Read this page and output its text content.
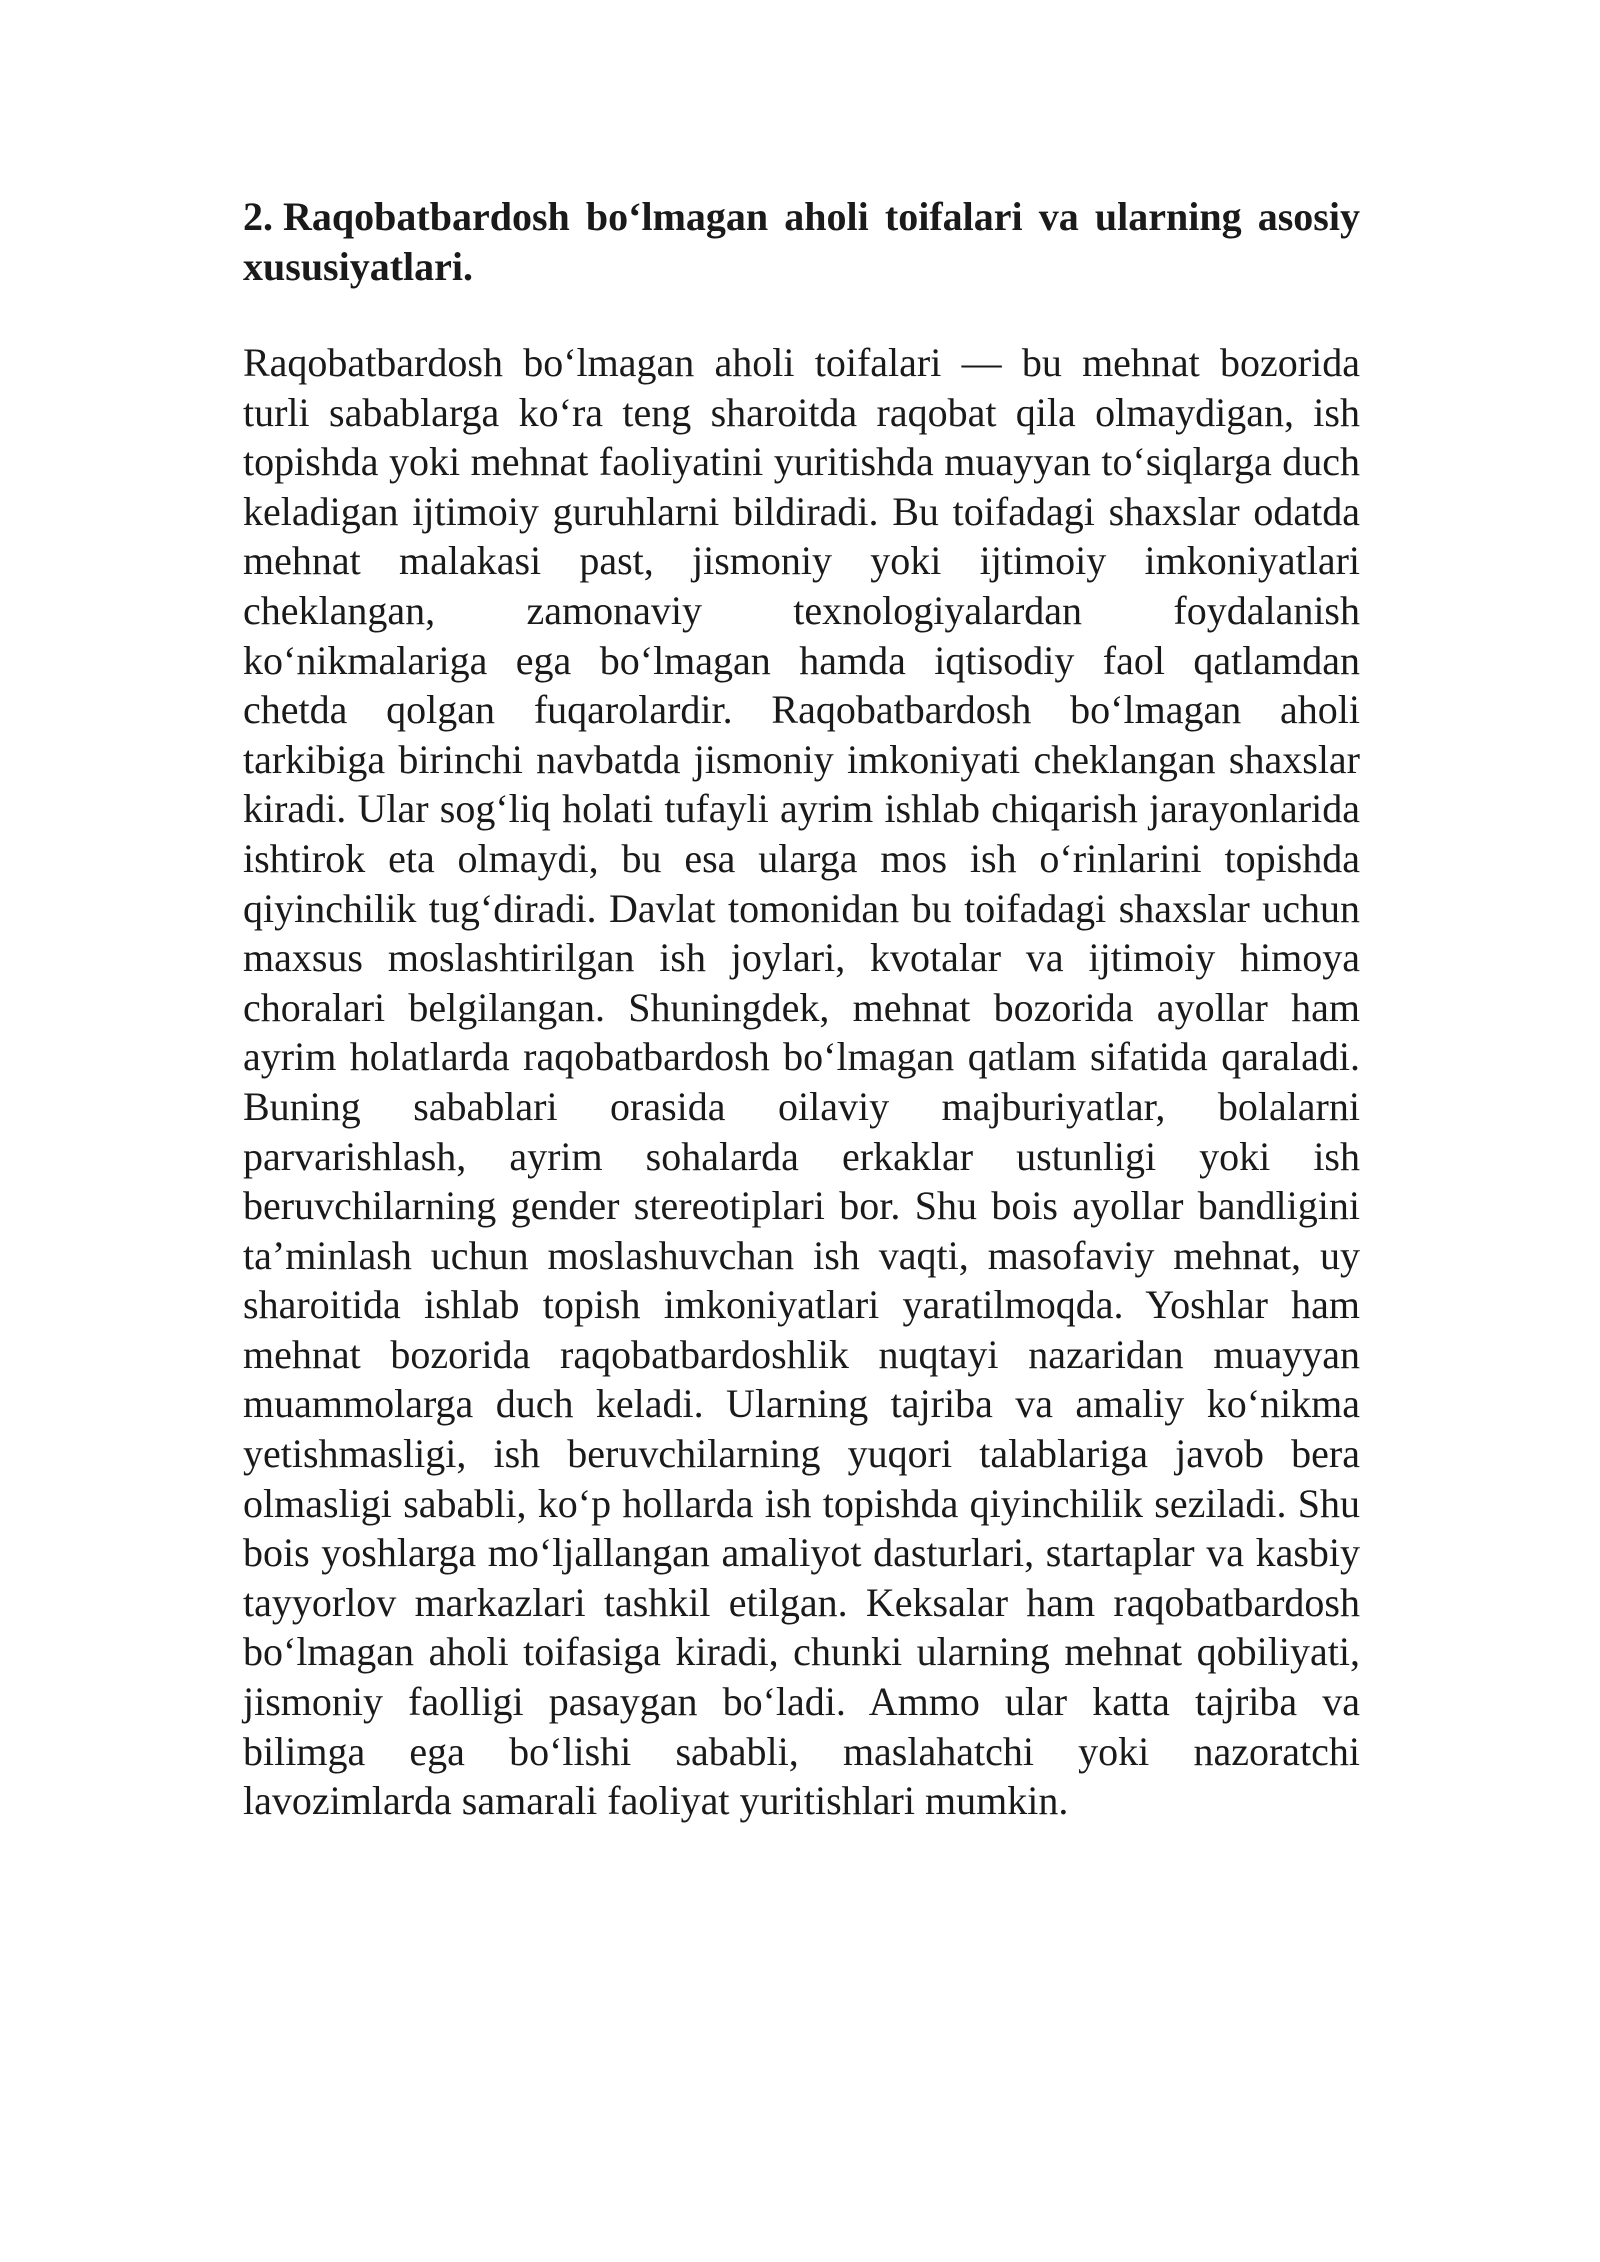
2. Raqobatbardosh bo‘lmagan aholi toifalari va ularning asosiy xususiyatlari.

Raqobatbardosh bo‘lmagan aholi toifalari — bu mehnat bozorida turli sabablarga ko‘ra teng sharoitda raqobat qila olmaydigan, ish topishda yoki mehnat faoliyatini yuritishda muayyan to‘siqlarga duch keladigan ijtimoiy guruhlarni bildiradi. Bu toifadagi shaxslar odatda mehnat malakasi past, jismoniy yoki ijtimoiy imkoniyatlari cheklangan, zamonaviy texnologiyalardan foydalanish ko‘nikmalariga ega bo‘lmagan hamda iqtisodiy faol qatlamdan chetda qolgan fuqarolardir. Raqobatbardosh bo‘lmagan aholi tarkibiga birinchi navbatda jismoniy imkoniyati cheklangan shaxslar kiradi. Ular sog‘liq holati tufayli ayrim ishlab chiqarish jarayonlarida ishtirok eta olmaydi, bu esa ularga mos ish o‘rinlarini topishda qiyinchilik tug‘diradi. Davlat tomonidan bu toifadagi shaxslar uchun maxsus moslashtirilgan ish joylari, kvotalar va ijtimoiy himoya choralari belgilangan. Shuningdek, mehnat bozorida ayollar ham ayrim holatlarda raqobatbardosh bo‘lmagan qatlam sifatida qaraladi. Buning sabablari orasida oilaviy majburiyatlar, bolalarni parvarishlash, ayrim sohalarda erkaklar ustunligi yoki ish beruvchilarning gender stereotiplari bor. Shu bois ayollar bandligini ta’minlash uchun moslashuvchan ish vaqti, masofaviy mehnat, uy sharoitida ishlab topish imkoniyatlari yaratilmoqda. Yoshlar ham mehnat bozorida raqobatbardoshlik nuqtayi nazaridan muayyan muammolarga duch keladi. Ularning tajriba va amaliy ko‘nikma yetishmasligi, ish beruvchilarning yuqori talablariga javob bera olmasligi sababli, ko‘p hollarda ish topishda qiyinchilik seziladi. Shu bois yoshlarga mo‘ljallangan amaliyot dasturlari, startaplar va kasbiy tayyorlov markazlari tashkil etilgan. Keksalar ham raqobatbardosh bo‘lmagan aholi toifasiga kiradi, chunki ularning mehnat qobiliyati, jismoniy faolligi pasaygan bo‘ladi. Ammo ular katta tajriba va bilimga ega bo‘lishi sababli, maslahatchi yoki nazoratchi lavozimlarda samarali faoliyat yuritishlari mumkin.
